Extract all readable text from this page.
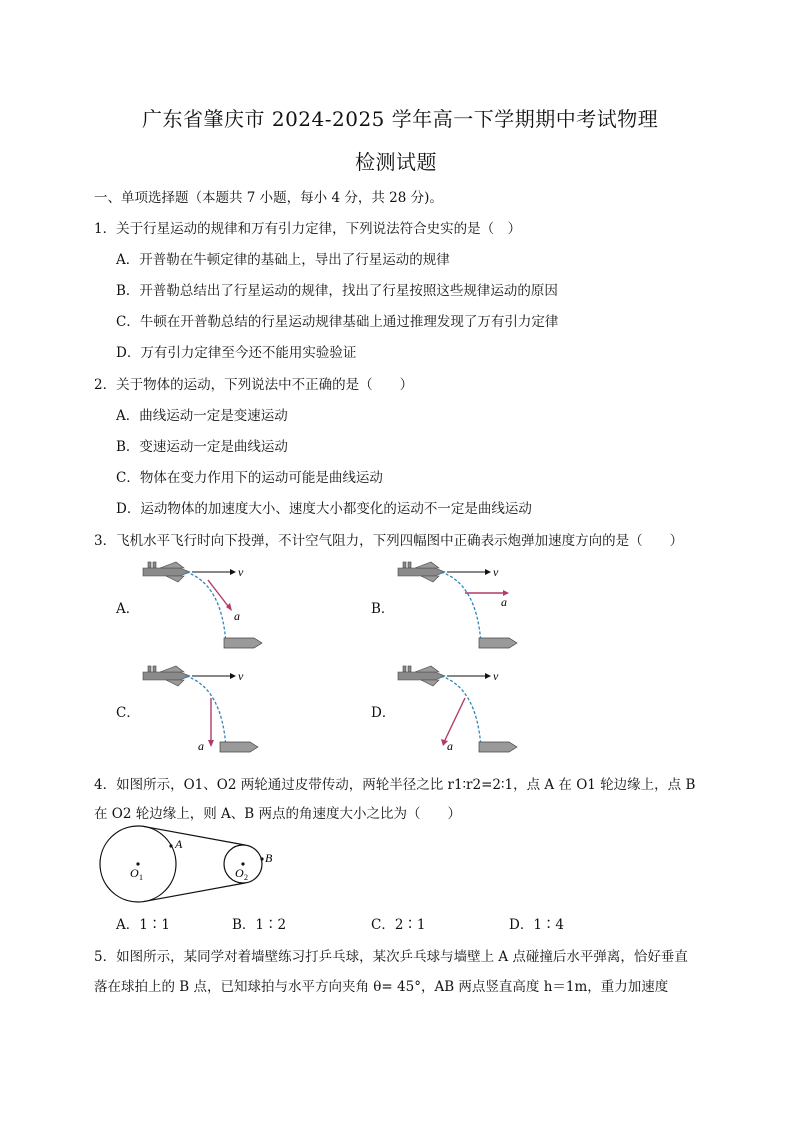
广东省肇庆市 2024-2025 学年高一下学期期中考试物理
检测试题
一、单项选择题（本题共 7 小题，每小 4 分，共 28 分)。
1．关于行星运动的规律和万有引力定律，下列说法符合史实的是（　）
A．开普勒在牛顿定律的基础上，导出了行星运动的规律
B．开普勒总结出了行星运动的规律，找出了行星按照这些规律运动的原因
C．牛顿在开普勒总结的行星运动规律基础上通过推理发现了万有引力定律
D．万有引力定律至今还不能用实验验证
2．关于物体的运动，下列说法中不正确的是（　　）
A．曲线运动一定是变速运动
B．变速运动一定是曲线运动
C．物体在变力作用下的运动可能是曲线运动
D．运动物体的加速度大小、速度大小都变化的运动不一定是曲线运动
3．飞机水平飞行时向下投弹，不计空气阻力，下列四幅图中正确表示炮弹加速度方向的是（　　）
A．	B．
C．	D．
v
a
v
a
v
a
v
a
4．如图所示，O1、O2 两轮通过皮带传动，两轮半径之比 r1∶r2=2∶1，点 A 在 O1 轮边缘上，点 B
在 O2 轮边缘上，则 A、B 两点的角速度大小之比为（　　）
A
B
O 1	O 2
A．1∶1	B．1∶2	C．2∶1	D．1∶4
5．如图所示，某同学对着墙壁练习打乒乓球，某次乒乓球与墙壁上 A 点碰撞后水平弹离，恰好垂直
落在球拍上的 B 点，已知球拍与水平方向夹角 θ= 45°，AB 两点竖直高度 h＝1m，重力加速度
